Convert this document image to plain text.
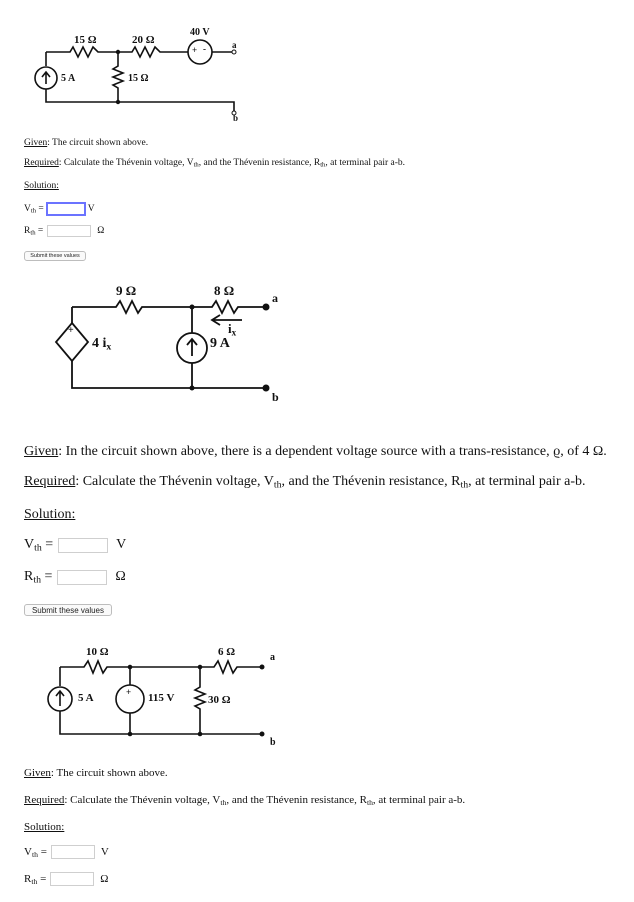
15 Ω	20 Ω
40 V
+ -
5 A	15 Ω
a
b
Given: The circuit shown above.
Required: Calculate the Thévenin voltage, $V_{th}$, and the Thévenin resistance, $R_{th}$, at terminal pair a-b.
Solution:
$V_{th}$ =	V
$R_{th}$ =	Ω
Submit these values
9 Ω	8 Ω
+
4 $i_x$	9 A
$i_x$
a
b
Given: In the circuit shown above, there is a dependent voltage source with a trans-resistance, ϱ, of 4 Ω.
Required: Calculate the Thévenin voltage, $V_{th}$, and the Thévenin resistance, $R_{th}$, at terminal pair a-b.
Solution:
$V_{th}$ =	V
$R_{th}$ =	Ω
Submit these values
10 Ω	6 Ω
5 A	+ 115 V	30 Ω
a
b
Given: The circuit shown above.
Required: Calculate the Thévenin voltage, $V_{th}$, and the Thévenin resistance, $R_{th}$, at terminal pair a-b.
Solution:
$V_{th}$ =	V
$R_{th}$ =	Ω
